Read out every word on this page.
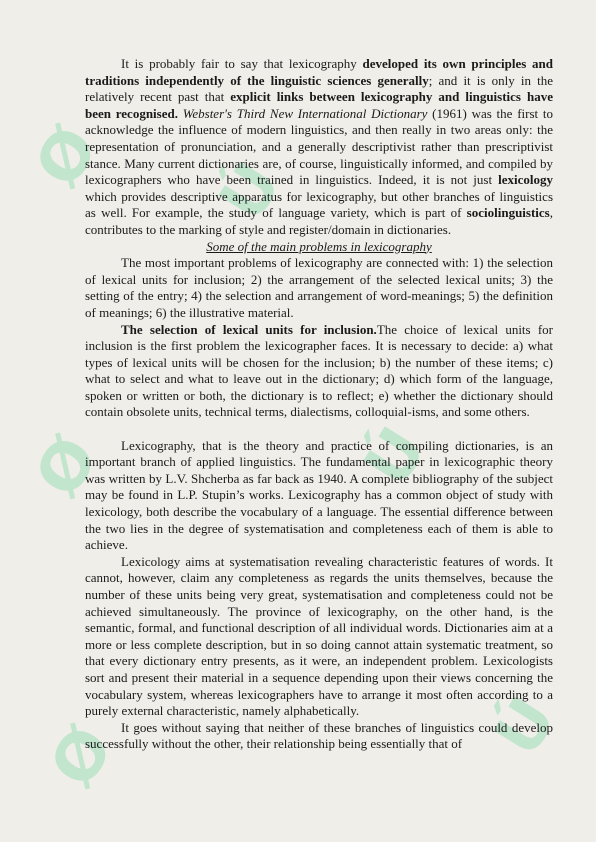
Ø Ú
Ø	Ú
Ø	Ú

It is probably fair to say that lexicography developed its own principles and traditions independently of the linguistic sciences generally; and it is only in the relatively recent past that explicit links between lexicography and linguistics have been recognised. Webster's Third New International Dictionary (1961) was the first to acknowledge the influence of modern linguistics, and then really in two areas only: the representation of pronunciation, and a generally descriptivist rather than prescriptivist stance. Many current dictionaries are, of course, linguistically informed, and compiled by lexicographers who have been trained in linguistics. Indeed, it is not just lexicology which provides descriptive apparatus for lexicography, but other branches of linguistics as well. For example, the study of language variety, which is part of sociolinguistics, contributes to the marking of style and register/domain in dictionaries.

Some of the main problems in lexicography

The most important problems of lexicography are connected with: 1) the selection of lexical units for inclusion; 2) the arrangement of the selected lexical units; 3) the setting of the entry; 4) the selection and arrangement of word-meanings; 5) the definition of meanings; 6) the illustrative material.

The selection of lexical units for inclusion.The choice of lexical units for inclusion is the first problem the lexicographer faces. It is necessary to decide: a) what types of lexical units will be chosen for the inclusion; b) the number of these items; c) what to select and what to leave out in the dictionary; d) which form of the language, spoken or written or both, the dictionary is to reflect; e) whether the dictionary should contain obsolete units, technical terms, dialectisms, colloquial-isms, and some others.

Lexicography, that is the theory and practice of compiling dictionaries, is an important branch of applied linguistics. The fundamental paper in lexicographic theory was written by L.V. Shcherba as far back as 1940. A complete bibliography of the subject may be found in L.P. Stupin’s works. Lexicography has a common object of study with lexicology, both describe the vocabulary of a language. The essential difference between the two lies in the degree of systematisation and completeness each of them is able to achieve.

Lexicology aims at systematisation revealing characteristic features of words. It cannot, however, claim any completeness as regards the units themselves, because the number of these units being very great, systematisation and completeness could not be achieved simultaneously. The province of lexicography, on the other hand, is the semantic, formal, and functional description of all individual words. Dictionaries aim at a more or less complete description, but in so doing cannot attain systematic treatment, so that every dictionary entry presents, as it were, an independent problem. Lexicologists sort and present their material in a sequence depending upon their views concerning the vocabulary system, whereas lexicographers have to arrange it most often according to a purely external characteristic, namely alphabetically.

It goes without saying that neither of these branches of linguistics could develop successfully without the other, their relationship being essentially that of
